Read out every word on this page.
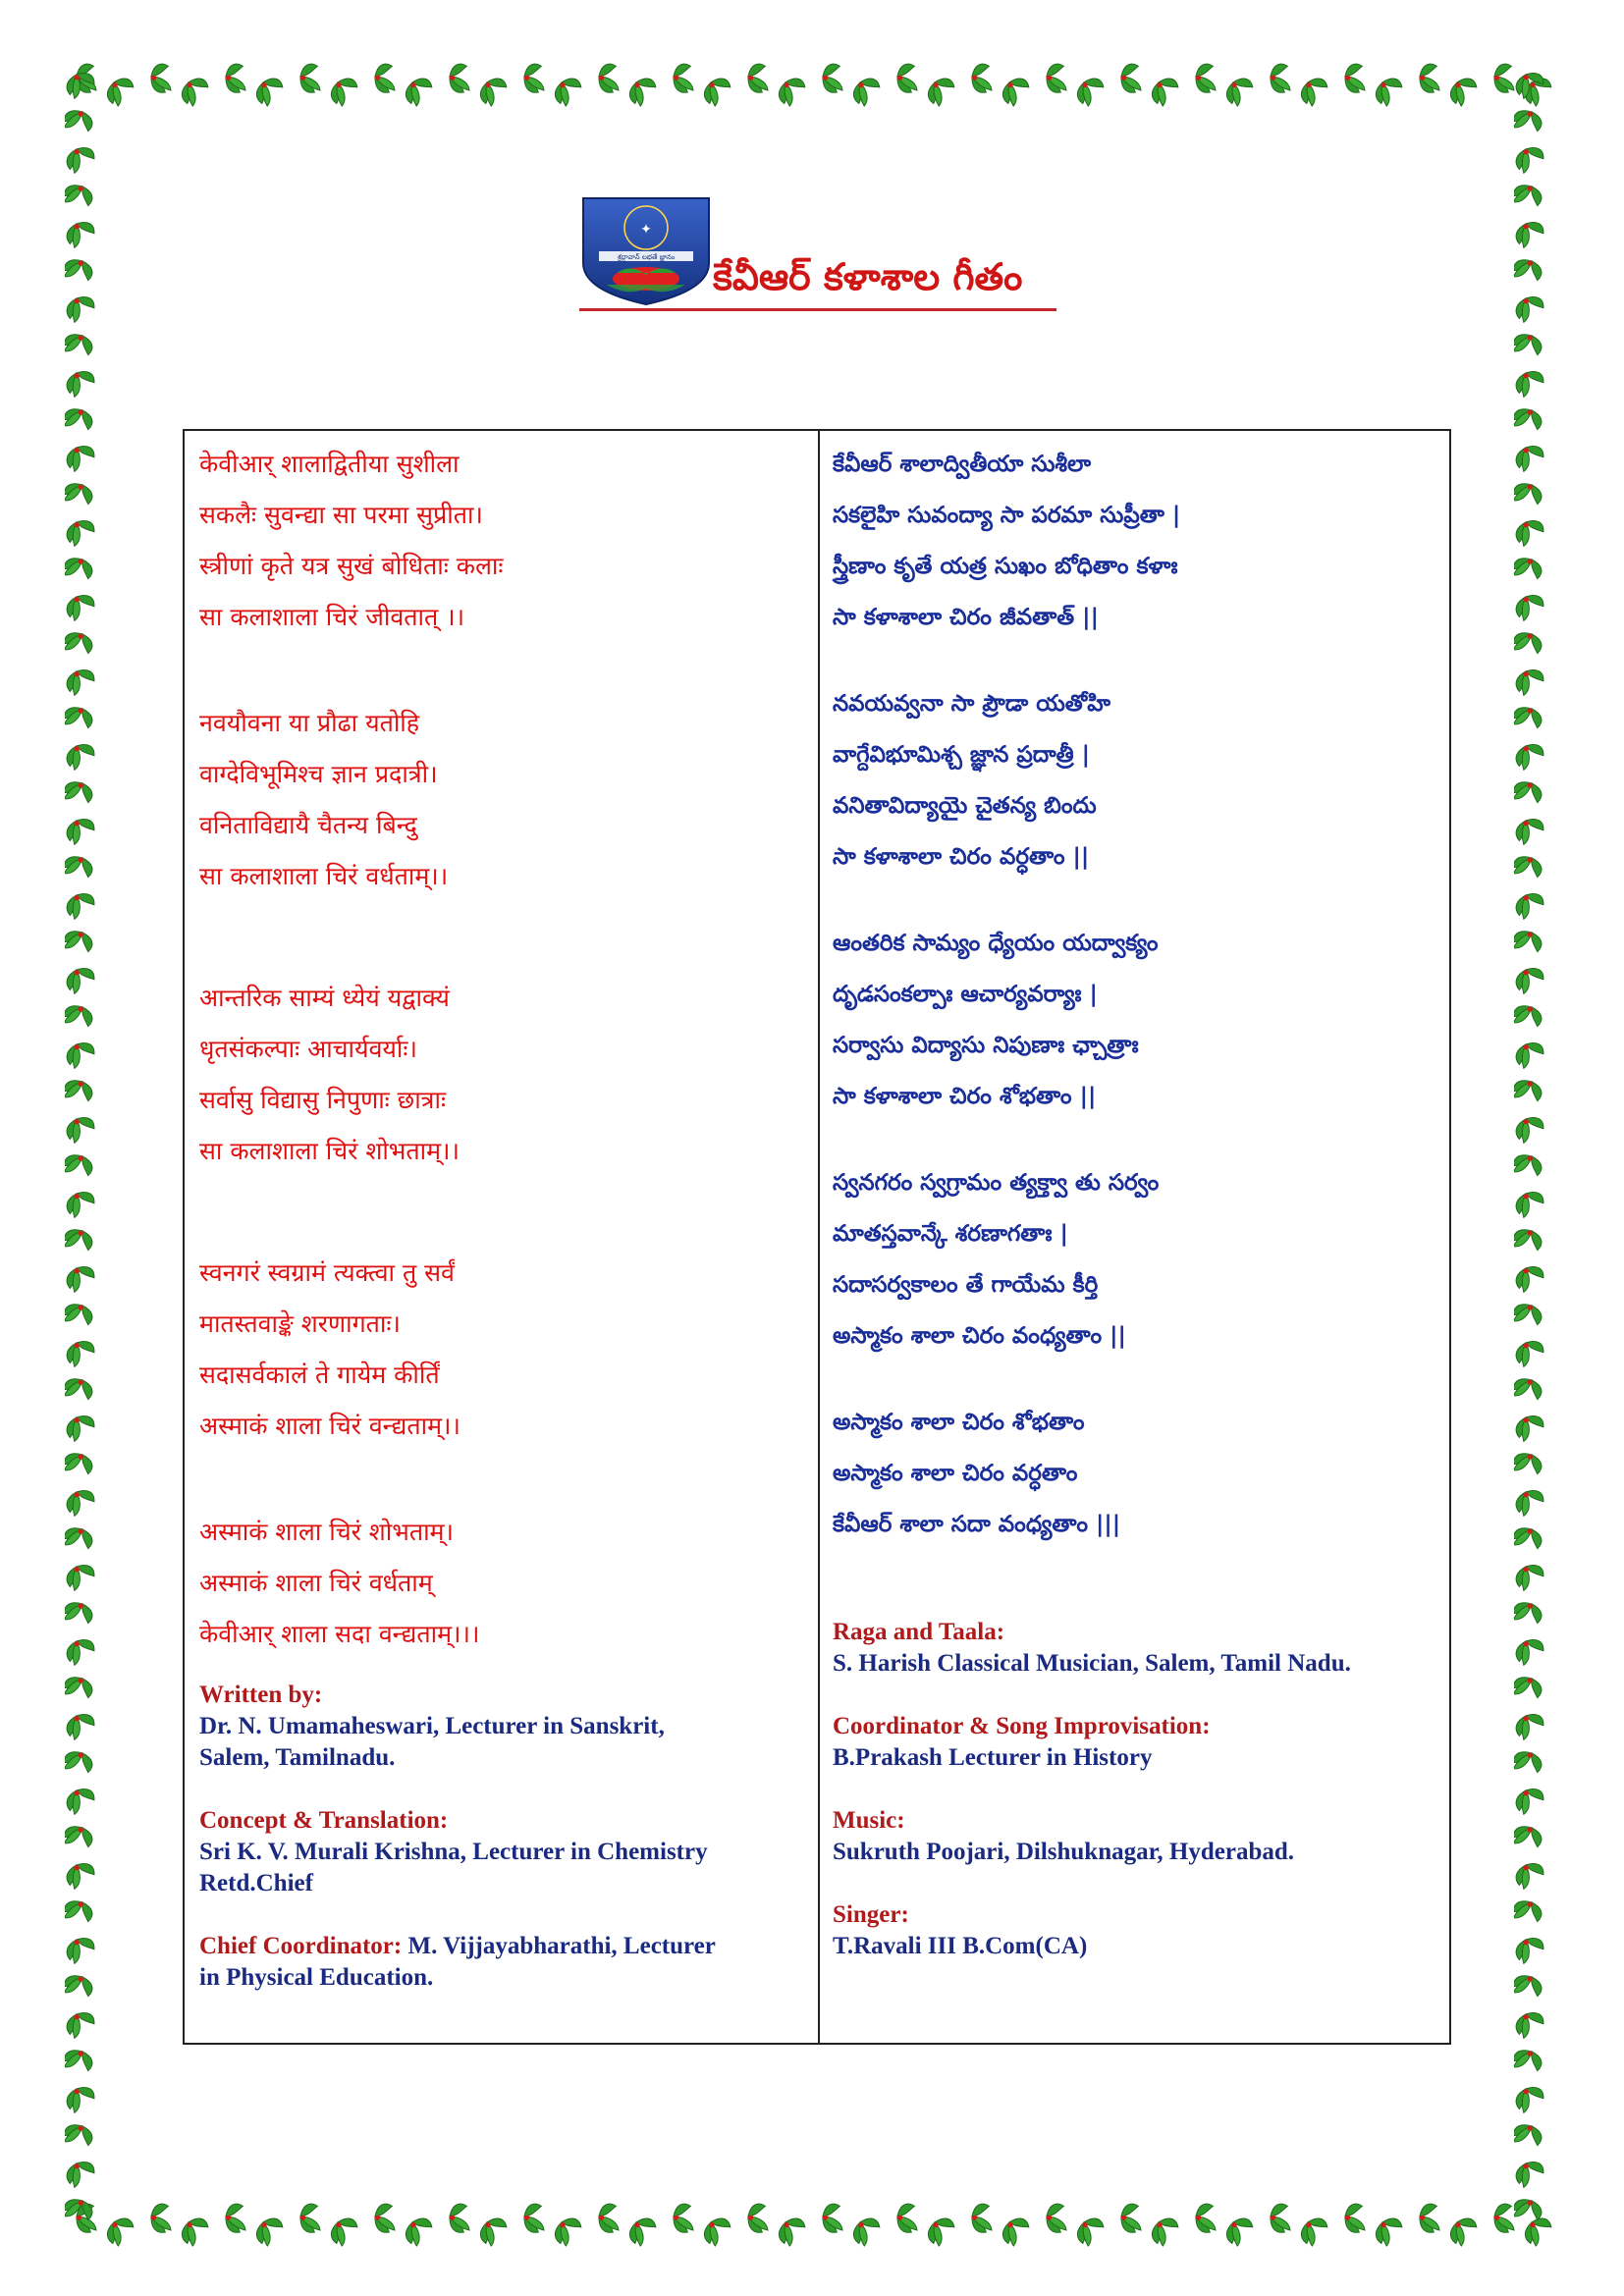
✦
శ్రద్ధావాన్ లభతే జ్ఞానం కేవీఆర్ కళాశాల గీతం
केवीआर् शालाद्वितीया सुशीला
सकलैः सुवन्द्या सा परमा सुप्रीता।
स्त्रीणां कृते यत्र सुखं बोधिताः कलाः
सा कलाशाला चिरं जीवतात् ।।
नवयौवना या प्रौढा यतोहि
वाग्देविभूमिश्च ज्ञान प्रदात्री।
वनिताविद्यायै चैतन्य बिन्दु
सा कलाशाला चिरं वर्धताम्।।
आन्तरिक साम्यं ध्येयं यद्वाक्यं
धृतसंकल्पाः आचार्यवर्याः।
सर्वासु विद्यासु निपुणाः छात्राः
सा कलाशाला चिरं शोभताम्।।
स्वनगरं स्वग्रामं त्यक्त्वा तु सर्वं
मातस्तवाङ्के शरणागताः।
सदासर्वकालं ते गायेम कीर्तिं
अस्माकं शाला चिरं वन्द्यताम्।।
अस्माकं शाला चिरं शोभताम्।
अस्माकं शाला चिरं वर्धताम्
केवीआर् शाला सदा वन्द्यताम्।।।
కేవీఆర్ శాలాద్వితీయా సుశీలా
సకలైహి సువంద్యా సా పరమా సుప్రీతా |
స్త్రీణాం కృతే యత్ర సుఖం బోధితాం కళాః
సా కళాశాలా చిరం జీవతాత్ ||
నవయవ్వనా సా ప్రౌడా యతోహి
వాగ్దేవిభూమిశ్చ జ్ఞాన ప్రదాత్రీ |
వనితావిద్యాయై చైతన్య బిందు
సా కళాశాలా చిరం వర్ధతాం ||
ఆంతరిక సామ్యం ధ్యేయం యద్వాక్యం
దృడసంకల్పాః ఆచార్యవర్యాః |
సర్వాసు విద్యాసు నిపుణాః ఛ్చాత్రాః
సా కళాశాలా చిరం శోభతాం ||
స్వనగరం స్వగ్రామం త్యక్త్వా తు సర్వం
మాతస్తవాన్కే శరణాగతాః |
సదాసర్వకాలం తే గాయేమ కీర్తి
అస్మాకం శాలా చిరం వంధ్యతాం ||
అస్మాకం శాలా చిరం శోభతాం
అస్మాకం శాలా చిరం వర్ధతాం
కేవీఆర్ శాలా సదా వంధ్యతాం |||
Written by:
Dr. N. Umamaheswari, Lecturer in Sanskrit,
Salem, Tamilnadu.
Concept & Translation:
Sri K. V. Murali Krishna, Lecturer in Chemistry
Retd.Chief
Chief Coordinator: M. Vijjayabharathi, Lecturer
in Physical Education.
Raga and Taala:
S. Harish Classical Musician, Salem, Tamil Nadu.
Coordinator & Song Improvisation:
B.Prakash Lecturer in History
Music:
Sukruth Poojari, Dilshuknagar, Hyderabad.
Singer:
T.Ravali III B.Com(CA)
